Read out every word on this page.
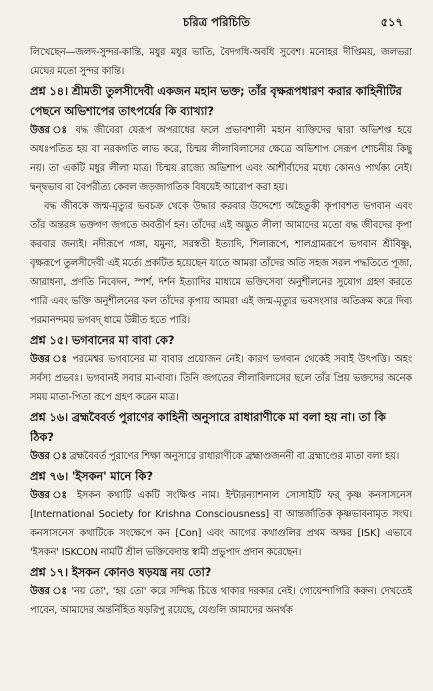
চরিত্র পরিচিতি	৫১৭

লিখেছেন—জলদ-সুন্দর-কান্তি, মধুর মধুর ভাতি, বৈদগধি-অবধি সুবেশ। মনোহর দীপ্তিময়, জলভরা মেঘের মতো সুন্দর কান্তি।

প্রশ্ন ১৪। শ্রীমতী তুলসীদেবী একজন মহান ভক্ত; তাঁর বৃক্ষরূপধারণ করার কাহিনীটির পেছনে অভিশাপের তাৎপর্যের কি ব্যাখ্যা?

উত্তর ঃ বদ্ধ জীবেরা যেরূপ অপরাধের ফলে প্রভাবশালী মহান ব্যক্তিদের দ্বারা অভিশপ্ত হয়ে অধঃপতিত হয় বা নরকগতি লাভ করে, চিন্ময় লীলাবিলাসের ক্ষেত্রে অভিশাপ সেরূপ শোচনীয় কিছু নয়। তা একটি মধুর লীলা মাত্র। চিন্ময় রাজ্যে অভিশাপ এবং আশীর্বাদের মধ্যে কোনও পার্থক্য নেই। দ্বন্দ্বভাব বা বৈপরীত্য কেবল জড়জাগতিক বিষয়েই আরোপ করা হয়।

বদ্ধ জীবকে জন্ম-মৃত্যুর ভবচক্র থেকে উদ্ধার করবার উদ্দেশ্যে অহৈতুকী কৃপাবশত ভগবান এবং তাঁর অন্তরঙ্গ ভক্তগণ জগতে অবতীর্ণ হন। তাঁদের এই অদ্ভুত লীলা আমাদের মতো বদ্ধ জীবদের কৃপা করবার জন্যই। নদীরূপে গঙ্গা, যমুনা, সরস্বতী ইত্যাদি, শিলারূপে, শালগ্রামরূপে ভগবান শ্রীবিষ্ণু, বৃক্ষরূপে তুলসীদেবী এই মর্ত্যে প্রকটিত হয়েছেন যাতে আমরা তাঁদের অতি সহজ সরল পদ্ধতিতে পূজা, আরাধনা, প্রণতি নিবেদন, স্পর্শ, দর্শন ইত্যাদির মাধ্যমে ভক্তিসেবা অনুশীলনের সুযোগ গ্রহণ করতে পারি এবং ভক্তি অনুশীলনের ফল তাঁদের কৃপায় আমরা এই জন্ম-মৃত্যুর ভবসংসার অতিক্রম করে দিব্য পরমানন্দময় ভগবদ্ ধামে উন্নীত হতে পারি।

প্রশ্ন ১৫। ভগবানের মা বাবা কে?

উত্তর ঃ পরমেশ্বর ভগবানের মা বাবার প্রয়োজন নেই। কারণ ভগবান থেকেই সবাই উৎপত্তি। অহং সর্বস্য প্রভবঃ। ভগবানই সবার মা-বাবা। তিনি জগতের লীলাবিলাসের ছলে তাঁর প্রিয় ভক্তদের অনেক সময় মাতা-পিতা রূপে গ্রহণ করেন মাত্র।

প্রশ্ন ১৬। ব্রহ্মবৈবর্ত পুরাণের কাহিনী অনুসারে রাধারাণীকে মা বলা হয় না। তা কি ঠিক?

উত্তর ঃ ব্রহ্মবৈবর্ত পুরাণের শিক্ষা অনুসারে রাধারাণীকে ব্রহ্মাণ্ডজননী বা ব্রহ্মাণ্ডের মাতা বলা হয়।

প্রশ্ন ৭৬। 'ইসকন' মানে কি?

উত্তর ঃ ইসকন কথাটি একটি সংক্ষিপ্ত নাম। ইন্টারন্যাশনাল সোসাইটি ফর্ কৃষ্ণ কনসাসনেস [International Society for Krishna Consciousness] বা আন্তর্জাতিক কৃষ্ণভাবনামৃত সংঘ। কনসাসনেস কথাটিকে সংক্ষেপে কন [Con] এবং আগের কথাগুলির প্রথম অক্ষর [ISK] এভাবে 'ইসকন' ISKCON নামটি শ্রীল ভক্তিবেদান্ত স্বামী প্রভুপাদ প্রদান করেছেন।

প্রশ্ন ১৭। ইসকন কোনও ষড়যন্ত্র নয় তো?

উত্তর ঃ 'নয় তো', 'হয় তো' করে সন্দিগ্ধ চিত্তে থাকার দরকার নেই। গোয়েন্দাগিরি করুন। দেখতেই পাবেন, আমাদের অন্তর্নিহিত ষড়রিপু রয়েছে, যেগুলি আমাদের অনর্থক
